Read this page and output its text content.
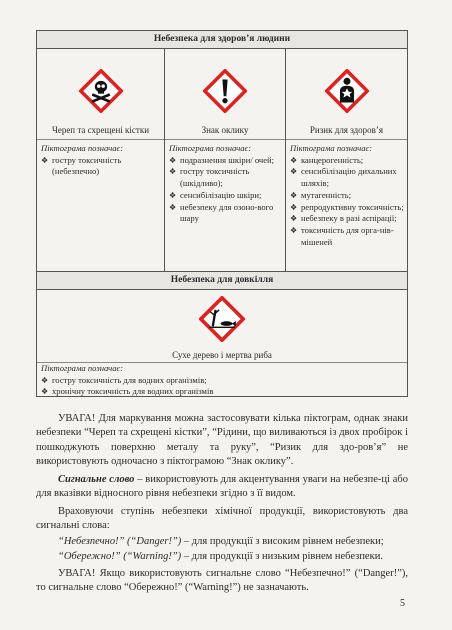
Небезпека для здоров’я людини
Череп та схрещені кістки
Піктограма позначає:
❖ гостру токсичність (небезпечно)
Знак оклику
Піктограма позначає:
❖ подразнення шкіри/ очей;
❖ гостру токсичність (шкідливо);
❖ сенсибілізацію шкіри;
❖ небезпеку для озоно-вого шару
Ризик для здоров’я
Піктограма позначає:
❖ канцерогенність;
❖ сенсибілізацію дихальних шляхів;
❖ мутагенність;
❖ репродуктивну токсичність;
❖ небезпеку в разі аспірації;
❖ токсичність для орга-нів-мішеней
Небезпека для довкілля
Сухе дерево і мертва риба
Піктограма позначає:
❖ гостру токсичність для водних організмів;
❖ хронічну токсичність для водних організмів
УВАГА! Для маркування можна застосовувати кілька піктограм, однак знаки небезпеки “Череп та схрещені кістки”, “Рідини, що виливаються із двох пробірок і пошкоджують поверхню металу та руку”, “Ризик для здо-ров’я” не використовують одночасно з піктограмою “Знак оклику”.
Сигнальне слово – використовують для акцентування уваги на небезпе-ці або для вказівки відносного рівня небезпеки згідно з її видом.
Враховуючи ступінь небезпеки хімічної продукції, використовують два сигнальні слова:
“Небезпечно!” (“Danger!”) – для продукції з високим рівнем небезпеки;
“Обережно!” (“Warning!”) – для продукції з низьким рівнем небезпеки.
УВАГА! Якщо використовують сигнальне слово “Небезпечно!” (“Danger!”), то сигнальне слово “Обережно!” (“Warning!”) не зазначають.
5
